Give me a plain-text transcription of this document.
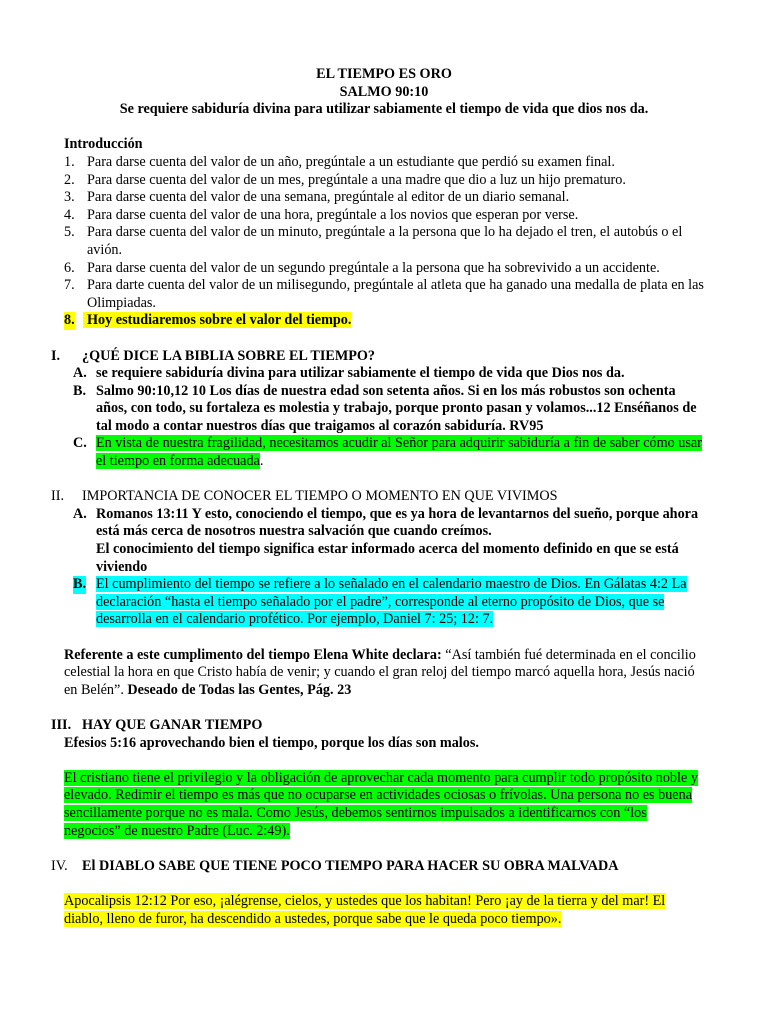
EL TIEMPO ES ORO
SALMO 90:10
Se requiere sabiduría divina para utilizar sabiamente el tiempo de vida que dios nos da.
Introducción
1. Para darse cuenta del valor de un año, pregúntale a un estudiante que perdió su examen final.
2. Para darse cuenta del valor de un mes, pregúntale a una madre que dio a luz un hijo prematuro.
3. Para darse cuenta del valor de una semana, pregúntale al editor de un diario semanal.
4. Para darse cuenta del valor de una hora, pregúntale a los novios que esperan por verse.
5. Para darse cuenta del valor de un minuto, pregúntale a la persona que lo ha dejado el tren, el autobús o el avión.
6. Para darse cuenta del valor de un segundo pregúntale a la persona que ha sobrevivido a un accidente.
7. Para darte cuenta del valor de un milisegundo, pregúntale al atleta que ha ganado una medalla de plata en las Olimpiadas.
8. Hoy estudiaremos sobre el valor del tiempo.
I. ¿QUÉ DICE LA BIBLIA SOBRE EL TIEMPO?
A. se requiere sabiduría divina para utilizar sabiamente el tiempo de vida que Dios nos da.
B. Salmo 90:10,12 10 Los días de nuestra edad son setenta años. Si en los más robustos son ochenta años, con todo, su fortaleza es molestia y trabajo, porque pronto pasan y volamos...12 Enséñanos de tal modo a contar nuestros días que traigamos al corazón sabiduría. RV95
C. En vista de nuestra fragilidad, necesitamos acudir al Señor para adquirir sabiduría a fin de saber cómo usar el tiempo en forma adecuada.
II. IMPORTANCIA DE CONOCER EL TIEMPO O MOMENTO EN QUE VIVIMOS
A. Romanos 13:11 Y esto, conociendo el tiempo, que es ya hora de levantarnos del sueño, porque ahora está más cerca de nosotros nuestra salvación que cuando creímos.
El conocimiento del tiempo significa estar informado acerca del momento definido en que se está viviendo
B. El cumplimiento del tiempo se refiere a lo señalado en el calendario maestro de Dios. En Gálatas 4:2 La declaración “hasta el tiempo señalado por el padre”, corresponde al eterno propósito de Dios, que se desarrolla en el calendario profético. Por ejemplo, Daniel 7: 25; 12: 7.

Referente a este cumplimento del tiempo Elena White declara: “Así también fué determinada en el concilio celestial la hora en que Cristo había de venir; y cuando el gran reloj del tiempo marcó aquella hora, Jesús nació en Belén”. Deseado de Todas las Gentes, Pág. 23

III. HAY QUE GANAR TIEMPO
Efesios 5:16 aprovechando bien el tiempo, porque los días son malos.

El cristiano tiene el privilegio y la obligación de aprovechar cada momento para cumplir todo propósito noble y elevado. Redimir el tiempo es más que no ocuparse en actividades ociosas o frívolas. Una persona no es buena sencillamente porque no es mala. Como Jesús, debemos sentirnos impulsados a identificarnos con “los negocios” de nuestro Padre (Luc. 2:49).

IV. El DIABLO SABE QUE TIENE POCO TIEMPO PARA HACER SU OBRA MALVADA

Apocalipsis 12:12 Por eso, ¡alégrense, cielos, y ustedes que los habitan! Pero ¡ay de la tierra y del mar! El diablo, lleno de furor, ha descendido a ustedes, porque sabe que le queda poco tiempo».
